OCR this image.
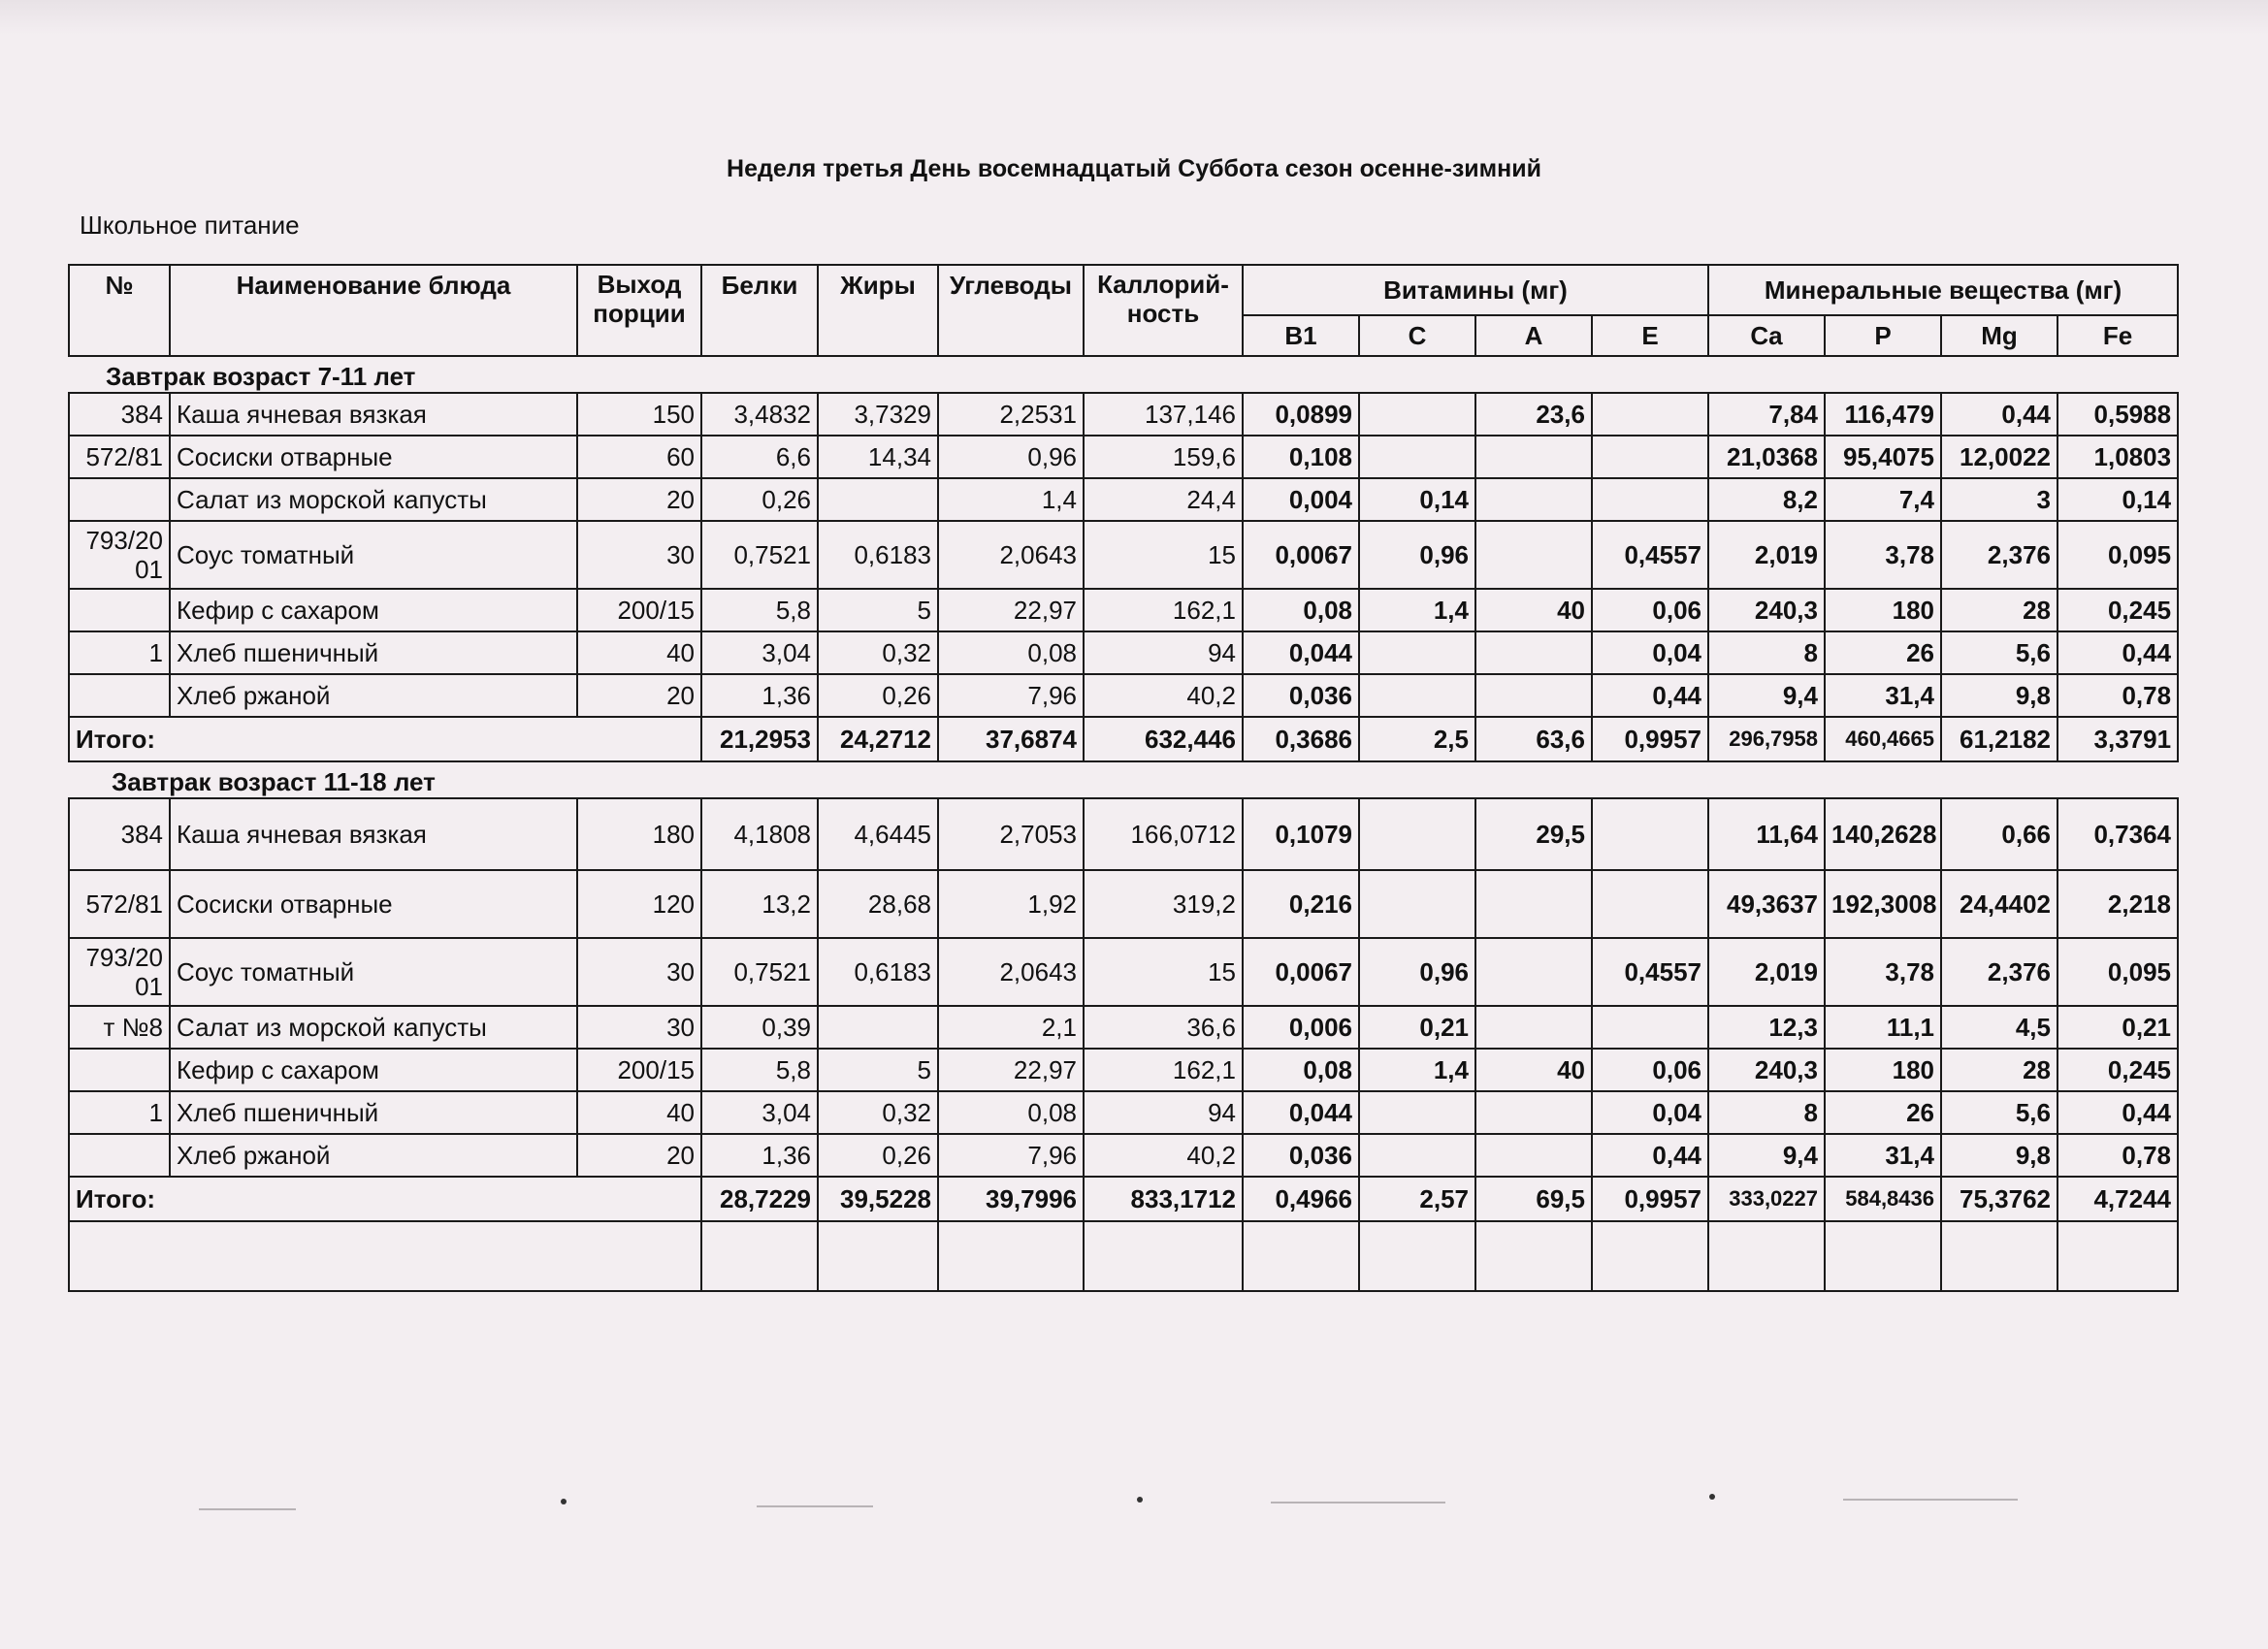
Неделя третья День восемнадцатый Суббота сезон осенне-зимний
Школьное питание
№	Наименование блюда	Выход порции	Белки	Жиры	Углеводы	Каллорий-ность	Витамины (мг)				Минеральные вещества (мг)			
							B1	C	A	E	Ca	P	Mg	Fe
Завтрак возраст 7-11 лет														
384	Каша ячневая вязкая	150	3,4832	3,7329	2,2531	137,146	0,0899		23,6		7,84	116,479	0,44	0,5988
572/81	Сосиски отварные	60	6,6	14,34	0,96	159,6	0,108				21,0368	95,4075	12,0022	1,0803
	Салат из морской капусты	20	0,26		1,4	24,4	0,004	0,14			8,2	7,4	3	0,14
793/2001	Соус томатный	30	0,7521	0,6183	2,0643	15	0,0067	0,96		0,4557	2,019	3,78	2,376	0,095
	Кефир с сахаром	200/15	5,8	5	22,97	162,1	0,08	1,4	40	0,06	240,3	180	28	0,245
1	Хлеб пшеничный	40	3,04	0,32	0,08	94	0,044			0,04	8	26	5,6	0,44
	Хлеб ржаной	20	1,36	0,26	7,96	40,2	0,036			0,44	9,4	31,4	9,8	0,78
Итого:			21,2953	24,2712	37,6874	632,446	0,3686	2,5	63,6	0,9957	296,7958	460,4665	61,2182	3,3791
Завтрак возраст 11-18 лет														
384	Каша ячневая вязкая	180	4,1808	4,6445	2,7053	166,0712	0,1079		29,5		11,64	140,2628	0,66	0,7364
572/81	Сосиски отварные	120	13,2	28,68	1,92	319,2	0,216				49,3637	192,3008	24,4402	2,218
793/2001	Соус томатный	30	0,7521	0,6183	2,0643	15	0,0067	0,96		0,4557	2,019	3,78	2,376	0,095
т №8	Салат из морской капусты	30	0,39		2,1	36,6	0,006	0,21			12,3	11,1	4,5	0,21
	Кефир с сахаром	200/15	5,8	5	22,97	162,1	0,08	1,4	40	0,06	240,3	180	28	0,245
1	Хлеб пшеничный	40	3,04	0,32	0,08	94	0,044			0,04	8	26	5,6	0,44
	Хлеб ржаной	20	1,36	0,26	7,96	40,2	0,036			0,44	9,4	31,4	9,8	0,78
Итого:			28,7229	39,5228	39,7996	833,1712	0,4966	2,57	69,5	0,9957	333,0227	584,8436	75,3762	4,7244
